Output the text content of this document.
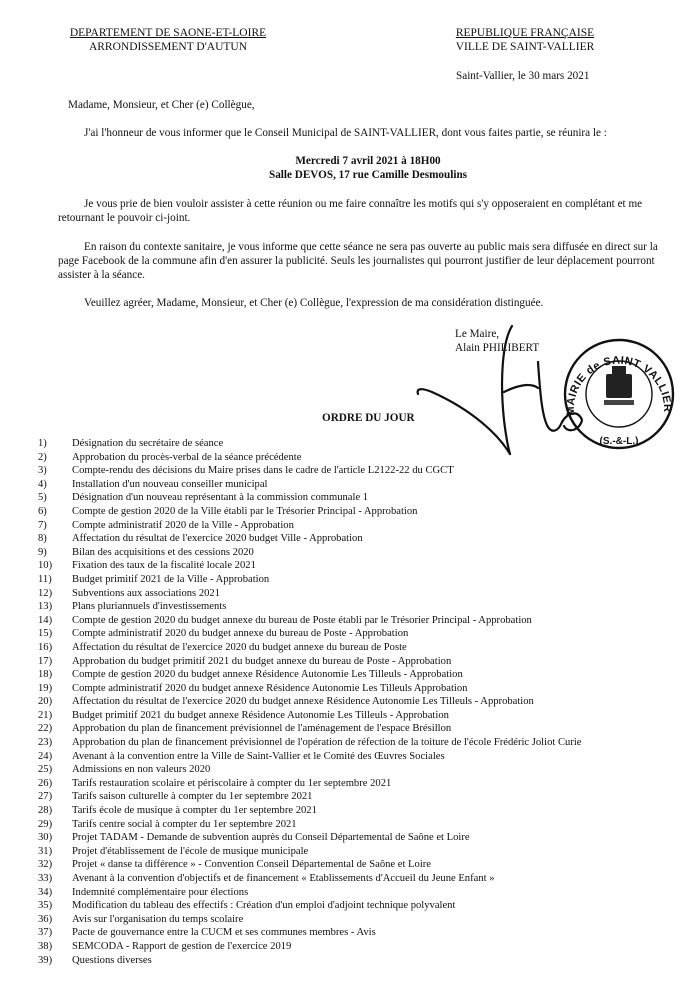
DEPARTEMENT DE SAONE-ET-LOIRE
ARRONDISSEMENT D'AUTUN
REPUBLIQUE FRANÇAISE
VILLE DE SAINT-VALLIER
Saint-Vallier, le 30 mars 2021
Madame, Monsieur, et Cher (e) Collègue,
J'ai l'honneur de vous informer que le Conseil Municipal de SAINT-VALLIER, dont vous faites partie, se réunira le :
Mercredi 7 avril 2021 à 18H00
Salle DEVOS, 17 rue Camille Desmoulins
Je vous prie de bien vouloir assister à cette réunion ou me faire connaître les motifs qui s'y opposeraient en complétant et me retournant le pouvoir ci-joint.
En raison du contexte sanitaire, je vous informe que cette séance ne sera pas ouverte au public mais sera diffusée en direct sur la page Facebook de la commune afin d'en assurer la publicité. Seuls les journalistes qui pourront justifier de leur déplacement pourront assister à la séance.
Veuillez agréer, Madame, Monsieur, et Cher (e) Collègue, l'expression de ma considération distinguée.
Le Maire,
Alain PHILIBERT
MAIRIE de SAINT VALLIER
(S.-&-L.)
ORDRE DU JOUR
1) Désignation du secrétaire de séance
2) Approbation du procès-verbal de la séance précédente
3) Compte-rendu des décisions du Maire prises dans le cadre de l'article L2122-22 du CGCT
4) Installation d'un nouveau conseiller municipal
5) Désignation d'un nouveau représentant à la commission communale 1
6) Compte de gestion 2020 de la Ville établi par le Trésorier Principal - Approbation
7) Compte administratif 2020 de la Ville - Approbation
8) Affectation du résultat de l'exercice 2020 budget Ville - Approbation
9) Bilan des acquisitions et des cessions 2020
10) Fixation des taux de la fiscalité locale 2021
11) Budget primitif 2021 de la Ville - Approbation
12) Subventions aux associations 2021
13) Plans pluriannuels d'investissements
14) Compte de gestion 2020 du budget annexe du bureau de Poste établi par le Trésorier Principal - Approbation
15) Compte administratif 2020 du budget annexe du bureau de Poste - Approbation
16) Affectation du résultat de l'exercice 2020 du budget annexe du bureau de Poste
17) Approbation du budget primitif 2021 du budget annexe du bureau de Poste - Approbation
18) Compte de gestion 2020 du budget annexe Résidence Autonomie Les Tilleuls - Approbation
19) Compte administratif 2020 du budget annexe Résidence Autonomie Les Tilleuls Approbation
20) Affectation du résultat de l'exercice 2020 du budget annexe Résidence Autonomie Les Tilleuls - Approbation
21) Budget primitif 2021 du budget annexe Résidence Autonomie Les Tilleuls - Approbation
22) Approbation du plan de financement prévisionnel de l'aménagement de l'espace Brésillon
23) Approbation du plan de financement prévisionnel de l'opération de réfection de la toiture de l'école Frédéric Joliot Curie
24) Avenant à la convention entre la Ville de Saint-Vallier et le Comité des Œuvres Sociales
25) Admissions en non valeurs 2020
26) Tarifs restauration scolaire et périscolaire à compter du 1er septembre 2021
27) Tarifs saison culturelle à compter du 1er septembre 2021
28) Tarifs école de musique à compter du 1er septembre 2021
29) Tarifs centre social à compter du 1er septembre 2021
30) Projet TADAM - Demande de subvention auprès du Conseil Départemental de Saône et Loire
31) Projet d'établissement de l'école de musique municipale
32) Projet « danse ta différence » - Convention Conseil Départemental de Saône et Loire
33) Avenant à la convention d'objectifs et de financement « Etablissements d'Accueil du Jeune Enfant »
34) Indemnité complémentaire pour élections
35) Modification du tableau des effectifs : Création d'un emploi d'adjoint technique polyvalent
36) Avis sur l'organisation du temps scolaire
37) Pacte de gouvernance entre la CUCM et ses communes membres - Avis
38) SEMCODA - Rapport de gestion de l'exercice 2019
39) Questions diverses
